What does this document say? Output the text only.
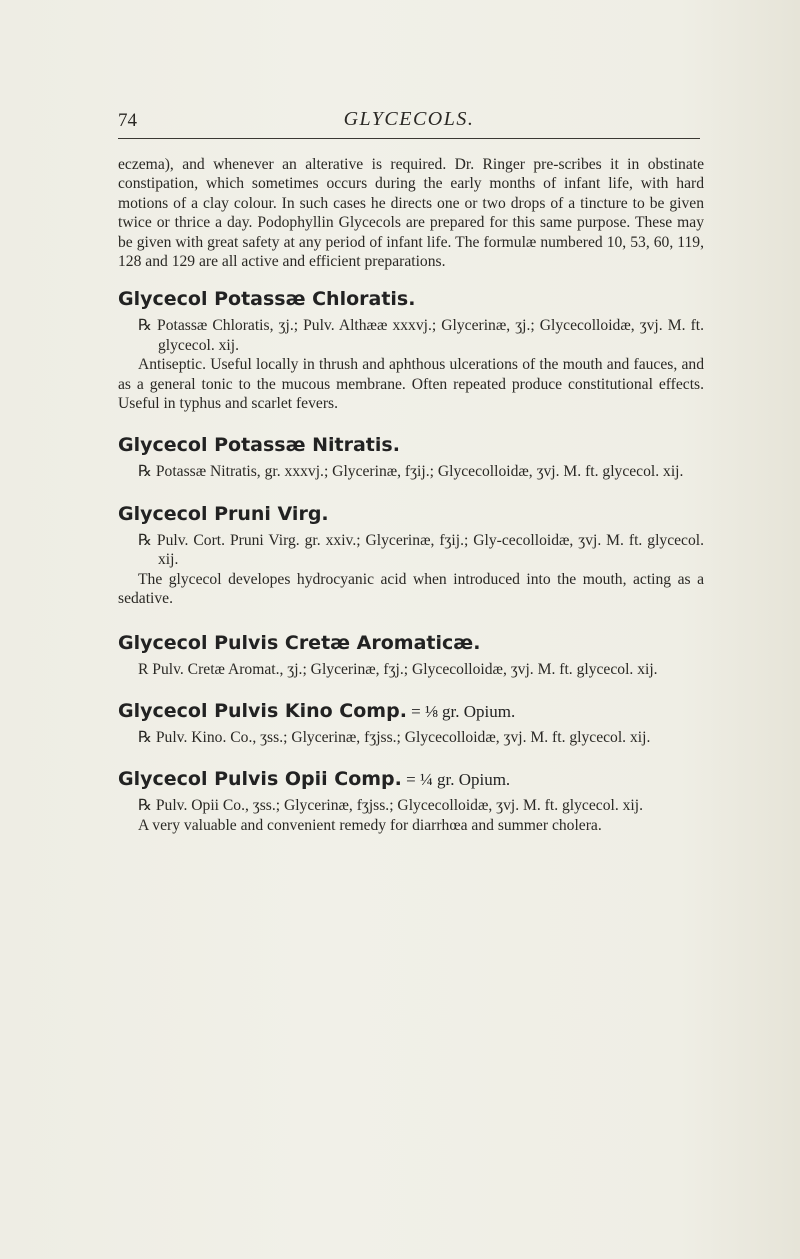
74	GLYCECOLS.

eczema), and whenever an alterative is required. Dr. Ringer pre-scribes it in obstinate constipation, which sometimes occurs during the early months of infant life, with hard motions of a clay colour. In such cases he directs one or two drops of a tincture to be given twice or thrice a day. Podophyllin Glycecols are prepared for this same purpose. These may be given with great safety at any period of infant life. The formulæ numbered 10, 53, 60, 119, 128 and 129 are all active and efficient preparations.

Glycecol Potassæ Chloratis.

℞ Potassæ Chloratis, ʒj.; Pulv. Althææ xxxvj.; Glycerinæ, ʒj.; Glycecolloidæ, ʒvj. M. ft. glycecol. xij.

Antiseptic. Useful locally in thrush and aphthous ulcerations of the mouth and fauces, and as a general tonic to the mucous membrane. Often repeated produce constitutional effects. Useful in typhus and scarlet fevers.

Glycecol Potassæ Nitratis.

℞ Potassæ Nitratis, gr. xxxvj.; Glycerinæ, fʒij.; Glycecolloidæ, ʒvj. M. ft. glycecol. xij.

Glycecol Pruni Virg.

℞ Pulv. Cort. Pruni Virg. gr. xxiv.; Glycerinæ, fʒij.; Gly-cecolloidæ, ʒvj. M. ft. glycecol. xij.

The glycecol developes hydrocyanic acid when introduced into the mouth, acting as a sedative.

Glycecol Pulvis Cretæ Aromaticæ.

R Pulv. Cretæ Aromat., ʒj.; Glycerinæ, fʒj.; Glycecolloidæ, ʒvj. M. ft. glycecol. xij.

Glycecol Pulvis Kino Comp. = ⅛ gr. Opium.

℞ Pulv. Kino. Co., ʒss.; Glycerinæ, fʒjss.; Glycecolloidæ, ʒvj. M. ft. glycecol. xij.

Glycecol Pulvis Opii Comp. = ¼ gr. Opium.

℞ Pulv. Opii Co., ʒss.; Glycerinæ, fʒjss.; Glycecolloidæ, ʒvj. M. ft. glycecol. xij.

A very valuable and convenient remedy for diarrhœa and summer cholera.
